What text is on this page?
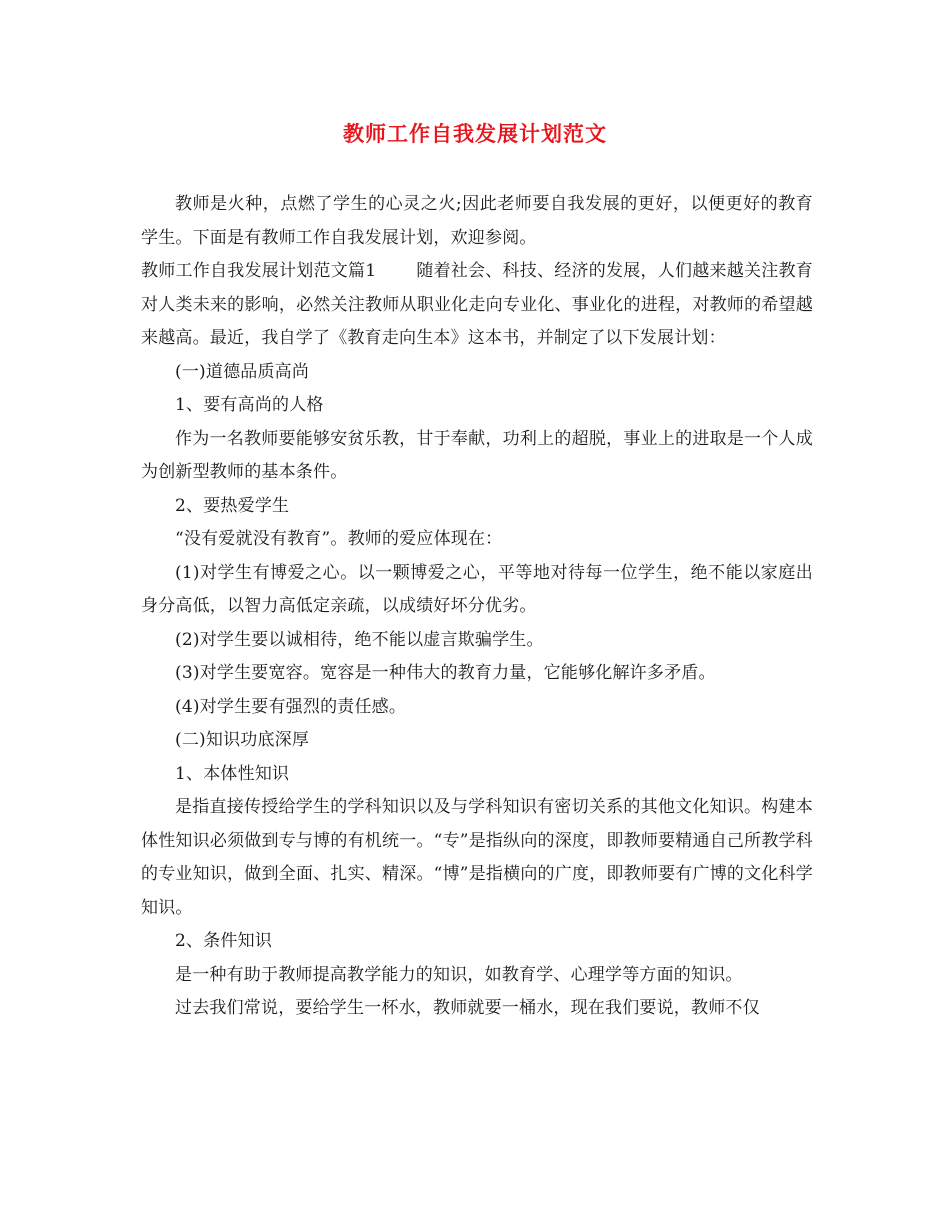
教师工作自我发展计划范文

教师是火种，点燃了学生的心灵之火;因此老师要自我发展的更好，以便更好的教育学生。下面是有教师工作自我发展计划，欢迎参阅。

教师工作自我发展计划范文篇1 随着社会、科技、经济的发展，人们越来越关注教育对人类未来的影响，必然关注教师从职业化走向专业化、事业化的进程，对教师的希望越来越高。最近，我自学了《教育走向生本》这本书，并制定了以下发展计划：

(一)道德品质高尚

1、要有高尚的人格

作为一名教师要能够安贫乐教，甘于奉献，功利上的超脱，事业上的进取是一个人成为创新型教师的基本条件。

2、要热爱学生

“没有爱就没有教育”。教师的爱应体现在：

(1)对学生有博爱之心。以一颗博爱之心，平等地对待每一位学生，绝不能以家庭出身分高低，以智力高低定亲疏，以成绩好坏分优劣。

(2)对学生要以诚相待，绝不能以虚言欺骗学生。

(3)对学生要宽容。宽容是一种伟大的教育力量，它能够化解许多矛盾。

(4)对学生要有强烈的责任感。

(二)知识功底深厚

1、本体性知识

是指直接传授给学生的学科知识以及与学科知识有密切关系的其他文化知识。构建本体性知识必须做到专与博的有机统一。“专”是指纵向的深度，即教师要精通自己所教学科的专业知识，做到全面、扎实、精深。“博”是指横向的广度，即教师要有广博的文化科学知识。

2、条件知识

是一种有助于教师提高教学能力的知识，如教育学、心理学等方面的知识。

过去我们常说，要给学生一杯水，教师就要一桶水，现在我们要说，教师不仅
